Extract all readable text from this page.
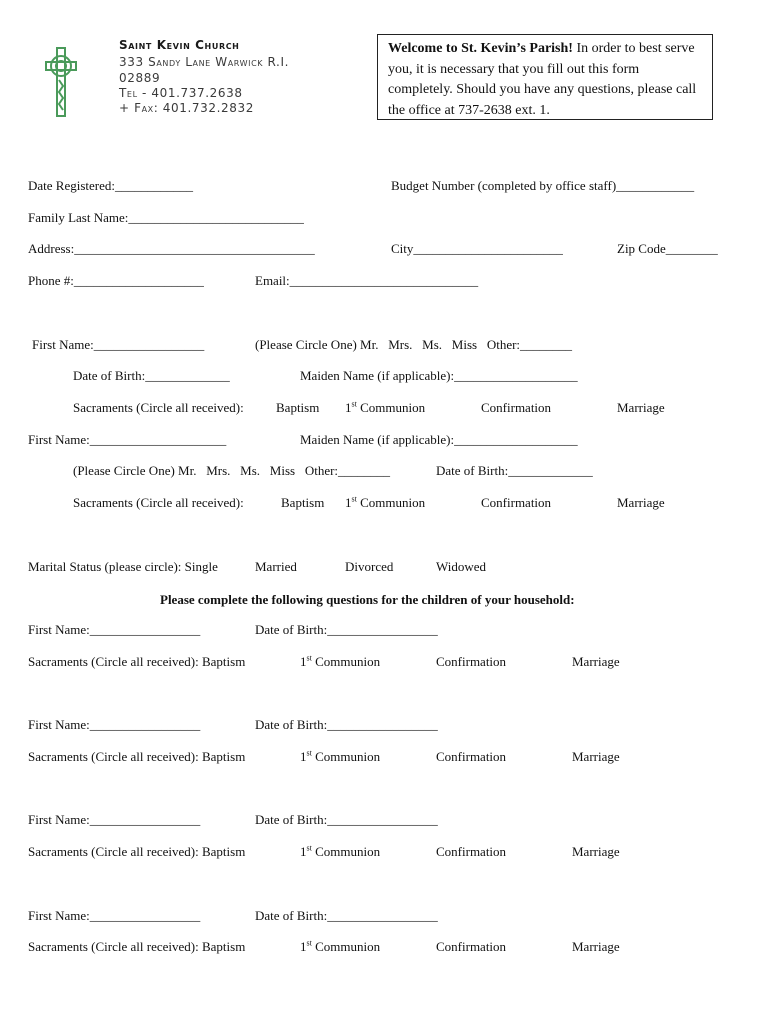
Saint Kevin Church
333 Sandy Lane Warwick R.I.
02889
Tel - 401.737.2638
+ Fax: 401.732.2832
Welcome to St. Kevin’s Parish! In order to best serve you, it is necessary that you fill out this form completely. Should you have any questions, please call the office at 737-2638 ext. 1.
Date Registered:____________	Budget Number (completed by office staff)____________
Family Last Name:___________________________
Address:_____________________________________	City_______________________	Zip Code________
Phone #:____________________	Email:_____________________________
First Name:_________________	(Please Circle One) Mr.   Mrs.   Ms.   Miss   Other:________
Date of Birth:_____________	Maiden Name (if applicable):___________________
Sacraments (Circle all received): Baptism 1st Communion	Confirmation	Marriage
First Name:_____________________	Maiden Name (if applicable):___________________
(Please Circle One) Mr.   Mrs.   Ms.   Miss   Other:________	Date of Birth:_____________
Sacraments (Circle all received):	Baptism 1st Communion	Confirmation	Marriage
Marital Status (please circle): Single	Married	Divorced	Widowed
Please complete the following questions for the children of your household:
First Name:_________________	Date of Birth:_________________
Sacraments (Circle all received): Baptism	1st Communion	Confirmation	Marriage
First Name:_________________	Date of Birth:_________________
Sacraments (Circle all received): Baptism	1st Communion	Confirmation	Marriage
First Name:_________________	Date of Birth:_________________
Sacraments (Circle all received): Baptism	1st Communion	Confirmation	Marriage
First Name:_________________	Date of Birth:_________________
Sacraments (Circle all received): Baptism	1st Communion	Confirmation	Marriage
